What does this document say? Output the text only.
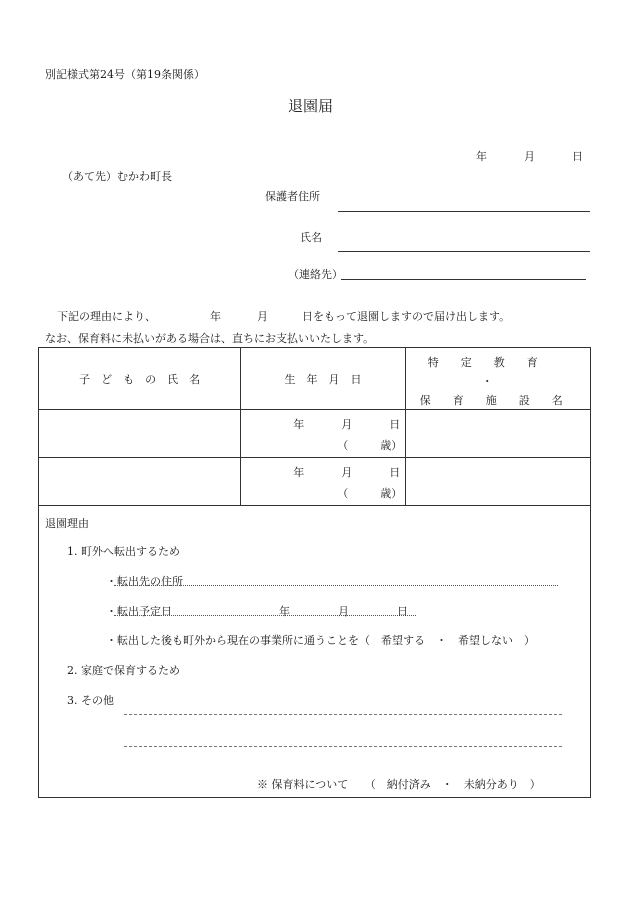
別記様式第24号（第19条関係）
退園届
年	月	日
（あて先）むかわ町長
保護者住所
氏名
（連絡先）
下記の理由により、	年	月	日をもって退園しますので届け出します。
なお、保育料に未払いがある場合は、直ちにお支払いいたします。
子　ど　も　の　氏　名	生　年　月　日	特　　定　　教　　育
・
保　　育　　施　　設　　名

	年 月 日
（ 歳）	

	年 月 日
（ 歳）	

退園理由
1. 町外へ転出するため
・転出先の住所
・転出予定日	年	月	日
・転出した後も町外から現在の事業所に通うことを（　希望する　・　希望しない　）
2. 家庭で保育するため
3. その他
※ 保育料について　　（　納付済み　・　未納分あり　）
